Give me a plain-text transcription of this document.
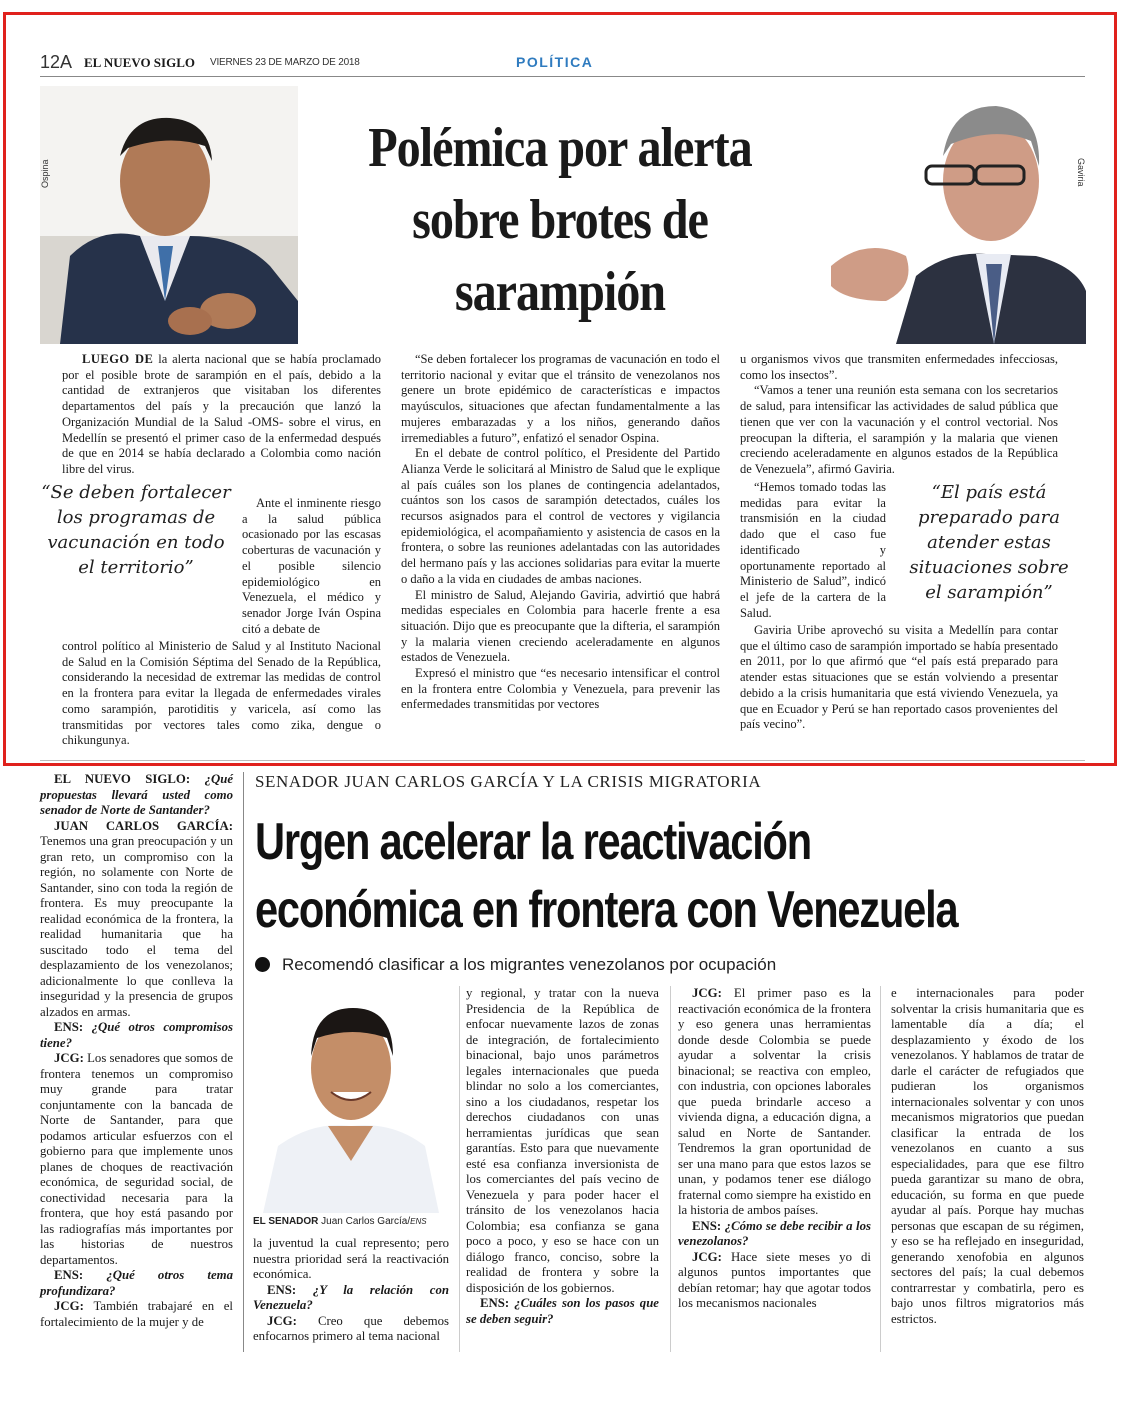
12A EL NUEVO SIGLO VIERNES 23 DE MARZO DE 2018	POLÍTICA
Ospina	Gaviria
Polémica por alerta sobre brotes de sarampión

LUEGO DE la alerta nacional que se había proclamado por el posible brote de sarampión en el país, debido a la cantidad de extranjeros que visitaban los diferentes departamentos del país y la precaución que lanzó la Organización Mundial de la Salud -OMS- sobre el virus, en Medellín se presentó el primer caso de la enfermedad después de que en 2014 se había declarado a Colombia como nación libre del virus.

“Se deben fortalecer los programas de vacunación en todo el territorio”

Ante el inminente riesgo a la salud pública ocasionado por las escasas coberturas de vacunación y el posible silencio epidemiológico en Venezuela, el médico y senador Jorge Iván Ospina citó a debate de

control político al Ministerio de Salud y al Instituto Nacional de Salud en la Comisión Séptima del Senado de la República, considerando la necesidad de extremar las medidas de control en la frontera para evitar la llegada de enfermedades virales como sarampión, parotiditis y varicela, así como las transmitidas por vectores tales como zika, dengue o chikungunya.

“Se deben fortalecer los programas de vacunación en todo el territorio nacional y evitar que el tránsito de venezolanos nos genere un brote epidémico de características e impactos mayúsculos, situaciones que afectan fundamentalmente a las mujeres embarazadas y a los niños, generando daños irremediables a futuro”, enfatizó el senador Ospina.

En el debate de control político, el Presidente del Partido Alianza Verde le solicitará al Ministro de Salud que le explique al país cuáles son los planes de contingencia adelantados, cuántos son los casos de sarampión detectados, cuáles los recursos asignados para el control de vectores y vigilancia epidemiológica, el acompañamiento y asistencia de casos en la frontera, o sobre las reuniones adelantadas con las autoridades del hermano país y las acciones solidarias para evitar la muerte o daño a la vida en ciudades de ambas naciones.

El ministro de Salud, Alejando Gaviria, advirtió que habrá medidas especiales en Colombia para hacerle frente a esa situación. Dijo que es preocupante que la difteria, el sarampión y la malaria vienen creciendo aceleradamente en algunos estados de Venezuela.

Expresó el ministro que “es necesario intensificar el control en la frontera entre Colombia y Venezuela, para prevenir las enfermedades transmitidas por vectores

u organismos vivos que transmiten enfermedades infecciosas, como los insectos”.

“Vamos a tener una reunión esta semana con los secretarios de salud, para intensificar las actividades de salud pública que tienen que ver con la vacunación y el control vectorial. Nos preocupan la difteria, el sarampión y la malaria que vienen creciendo aceleradamente en algunos estados de la República de Venezuela”, afirmó Gaviria.

“El país está preparado para atender estas situaciones sobre el sarampión”

“Hemos tomado todas las medidas para evitar la transmisión en la ciudad dado que el caso fue identificado y oportunamente reportado al Ministerio de Salud”, indicó el jefe de la cartera de la Salud.

Gaviria Uribe aprovechó su visita a Medellín para contar que el último caso de sarampión importado se había presentado en 2011, por lo que afirmó que “el país está preparado para atender estas situaciones que se están volviendo a presentar debido a la crisis humanitaria que está viviendo Venezuela, ya que en Ecuador y Perú se han reportado casos provenientes del país vecino”.

SENADOR JUAN CARLOS GARCÍA Y LA CRISIS MIGRATORIA
Urgen acelerar la reactivación
económica en frontera con Venezuela
Recomendó clasificar a los migrantes venezolanos por ocupación
EL SENADOR Juan Carlos García/ENS

EL NUEVO SIGLO: ¿Qué propuestas llevará usted como senador de Norte de Santander?

JUAN CARLOS GARCÍA: Tenemos una gran preocupación y un gran reto, un compromiso con la región, no solamente con Norte de Santander, sino con toda la región de frontera. Es muy preocupante la realidad económica de la frontera, la realidad humanitaria que ha suscitado todo el tema del desplazamiento de los venezolanos; adicionalmente lo que conlleva la inseguridad y la presencia de grupos alzados en armas.

ENS: ¿Qué otros compromisos tiene?

JCG: Los senadores que somos de frontera tenemos un compromiso muy grande para tratar conjuntamente con la bancada de Norte de Santander, para que podamos articular esfuerzos con el gobierno para que implemente unos planes de choques de reactivación económica, de seguridad social, de conectividad necesaria para la frontera, que hoy está pasando por las radiografías más importantes por las historias de nuestros departamentos.

ENS: ¿Qué otros tema profundizara?

JCG: También trabajaré en el fortalecimiento de la mujer y de

la juventud la cual represento; pero nuestra prioridad será la reactivación económica.

ENS: ¿Y la relación con Venezuela?

JCG: Creo que debemos enfocarnos primero al tema nacional

y regional, y tratar con la nueva Presidencia de la República de enfocar nuevamente lazos de zonas de integración, de fortalecimiento binacional, bajo unos parámetros legales internacionales que pueda blindar no solo a los comerciantes, sino a los ciudadanos, respetar los derechos ciudadanos con unas herramientas jurídicas que sean garantías. Esto para que nuevamente esté esa confianza inversionista de los comerciantes del país vecino de Venezuela y para poder hacer el tránsito de los venezolanos hacia Colombia; esa confianza se gana poco a poco, y eso se hace con un diálogo franco, conciso, sobre la realidad de frontera y sobre la disposición de los gobiernos.

ENS: ¿Cuáles son los pasos que se deben seguir?

JCG: El primer paso es la reactivación económica de la frontera y eso genera unas herramientas donde desde Colombia se puede ayudar a solventar la crisis binacional; se reactiva con empleo, con industria, con opciones laborales que pueda brindarle acceso a vivienda digna, a educación digna, a salud en Norte de Santander. Tendremos la gran oportunidad de ser una mano para que estos lazos se unan, y podamos tener ese diálogo fraternal como siempre ha existido en la historia de ambos países.

ENS: ¿Cómo se debe recibir a los venezolanos?

JCG: Hace siete meses yo di algunos puntos importantes que debían retomar; hay que agotar todos los mecanismos nacionales

e internacionales para poder solventar la crisis humanitaria que es lamentable día a día; el desplazamiento y éxodo de los venezolanos. Y hablamos de tratar de darle el carácter de refugiados que pudieran los organismos internacionales solventar y con unos mecanismos migratorios que puedan clasificar la entrada de los venezolanos en cuanto a sus especialidades, para que ese filtro pueda garantizar su mano de obra, educación, su forma en que puede ayudar al país. Porque hay muchas personas que escapan de su régimen, y eso se ha reflejado en inseguridad, generando xenofobia en algunos sectores del país; la cual debemos contrarrestar y combatirla, pero es bajo unos filtros migratorios más estrictos.
